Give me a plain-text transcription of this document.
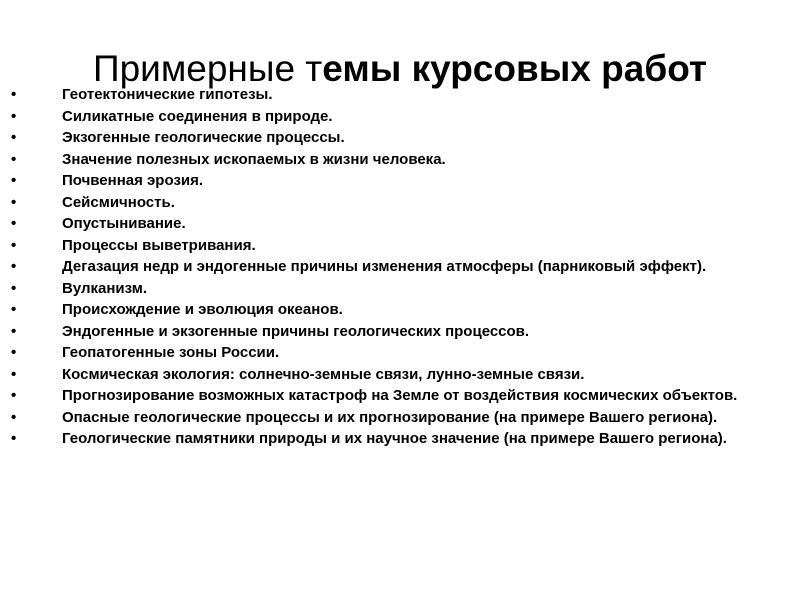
Примерные темы курсовых работ
•	Геотектонические гипотезы.
•	Силикатные соединения в природе.
•	Экзогенные геологические процессы.
•	Значение полезных ископаемых в жизни человека.
•	Почвенная эрозия.
•	Сейсмичность.
•	Опустынивание.
•	Процессы выветривания.
•	Дегазация недр и эндогенные причины изменения атмосферы (парниковый эффект).
•	Вулканизм.
•	Происхождение и эволюция океанов.
•	Эндогенные и экзогенные причины геологических процессов.
•	Геопатогенные зоны России.
•	Космическая экология: солнечно-земные связи, лунно-земные связи.
•	Прогнозирование возможных катастроф на Земле от воздействия космических объектов.
•	Опасные геологические процессы и их прогнозирование (на примере Вашего региона).
•	Геологические памятники природы и их научное значение (на примере Вашего региона).
